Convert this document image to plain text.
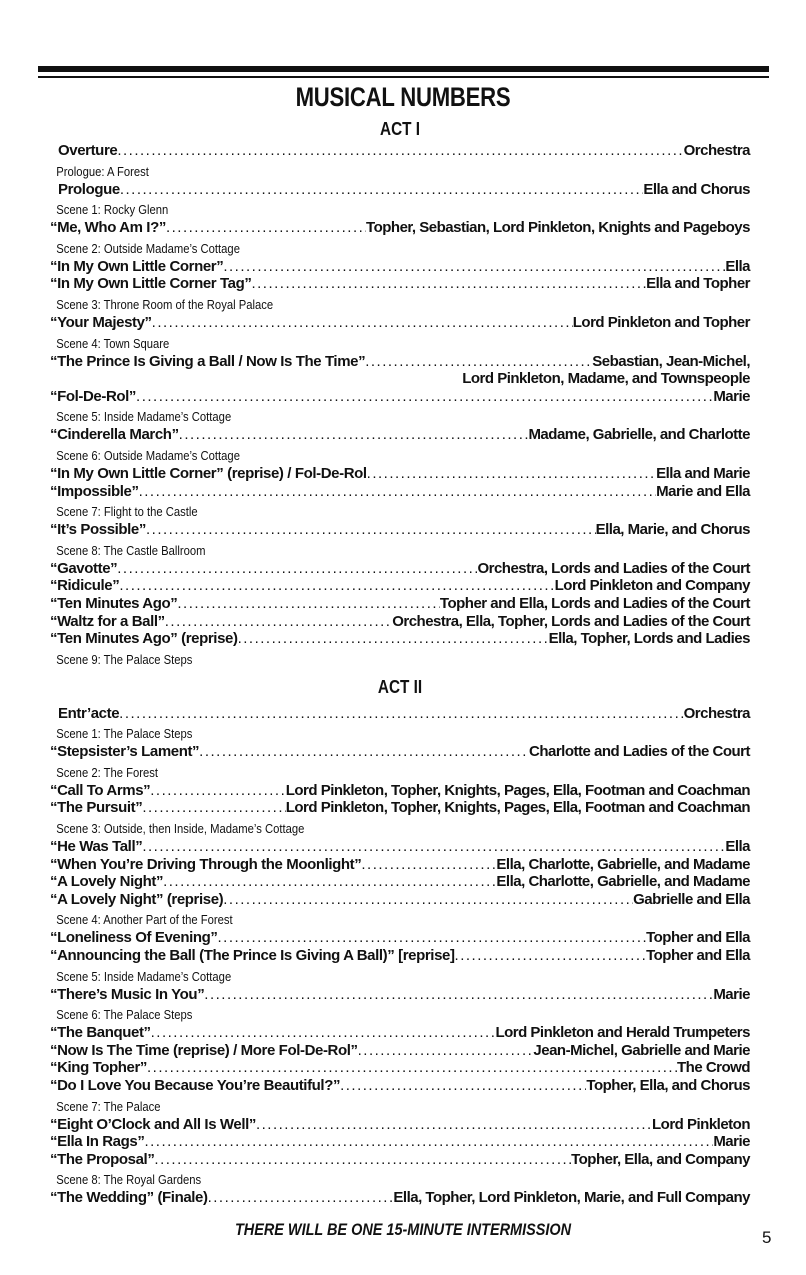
MUSICAL NUMBERS
ACT I
Overture .....	Orchestra
Prologue: A Forest
Prologue .....	Ella and Chorus
Scene 1: Rocky Glenn
“Me, Who Am I?” .....	Topher, Sebastian, Lord Pinkleton, Knights and Pageboys
Scene 2: Outside Madame’s Cottage
“In My Own Little Corner” .....	Ella
“In My Own Little Corner Tag” .....	Ella and Topher
Scene 3: Throne Room of the Royal Palace
“Your Majesty” .....	Lord Pinkleton and Topher
Scene 4: Town Square
“The Prince Is Giving a Ball / Now Is The Time” .....	Sebastian, Jean-Michel,
Lord Pinkleton, Madame, and Townspeople
“Fol-De-Rol” .....	Marie
Scene 5: Inside Madame’s Cottage
“Cinderella March” .....	Madame, Gabrielle, and Charlotte
Scene 6: Outside Madame’s Cottage
“In My Own Little Corner” (reprise) / Fol-De-Rol .....	Ella and Marie
“Impossible” .....	Marie and Ella
Scene 7: Flight to the Castle
“It’s Possible” .....	Ella, Marie, and Chorus
Scene 8: The Castle Ballroom
“Gavotte” .....	Orchestra, Lords and Ladies of the Court
“Ridicule” .....	Lord Pinkleton and Company
“Ten Minutes Ago” .....	Topher and Ella, Lords and Ladies of the Court
“Waltz for a Ball” .....	Orchestra, Ella, Topher, Lords and Ladies of the Court
“Ten Minutes Ago” (reprise) .....	Ella, Topher, Lords and Ladies
Scene 9: The Palace Steps
ACT II
Entr’acte .....	Orchestra
Scene 1: The Palace Steps
“Stepsister’s Lament” .....	Charlotte and Ladies of the Court
Scene 2: The Forest
“Call To Arms” .....	Lord Pinkleton, Topher, Knights, Pages, Ella, Footman and Coachman
“The Pursuit” .....	Lord Pinkleton, Topher, Knights, Pages, Ella, Footman and Coachman
Scene 3: Outside, then Inside, Madame’s Cottage
“He Was Tall” .....	Ella
“When You’re Driving Through the Moonlight” .....	Ella, Charlotte, Gabrielle, and Madame
“A Lovely Night” .....	Ella, Charlotte, Gabrielle, and Madame
“A Lovely Night” (reprise) .....	Gabrielle and Ella
Scene 4: Another Part of the Forest
“Loneliness Of Evening” .....	Topher and Ella
“Announcing the Ball (The Prince Is Giving A Ball)” [reprise] .....	Topher and Ella
Scene 5: Inside Madame’s Cottage
“There’s Music In You” .....	Marie
Scene 6: The Palace Steps
“The Banquet” .....	Lord Pinkleton and Herald Trumpeters
“Now Is The Time (reprise) / More Fol-De-Rol” .....	Jean-Michel, Gabrielle and Marie
“King Topher” .....	The Crowd
“Do I Love You Because You’re Beautiful?” .....	Topher, Ella, and Chorus
Scene 7: The Palace
“Eight O’Clock and All Is Well” .....	Lord Pinkleton
“Ella In Rags” .....	Marie
“The Proposal” .....	Topher, Ella, and Company
Scene 8: The Royal Gardens
“The Wedding” (Finale) .....	Ella, Topher, Lord Pinkleton, Marie, and Full Company
THERE WILL BE ONE 15-MINUTE INTERMISSION	5
